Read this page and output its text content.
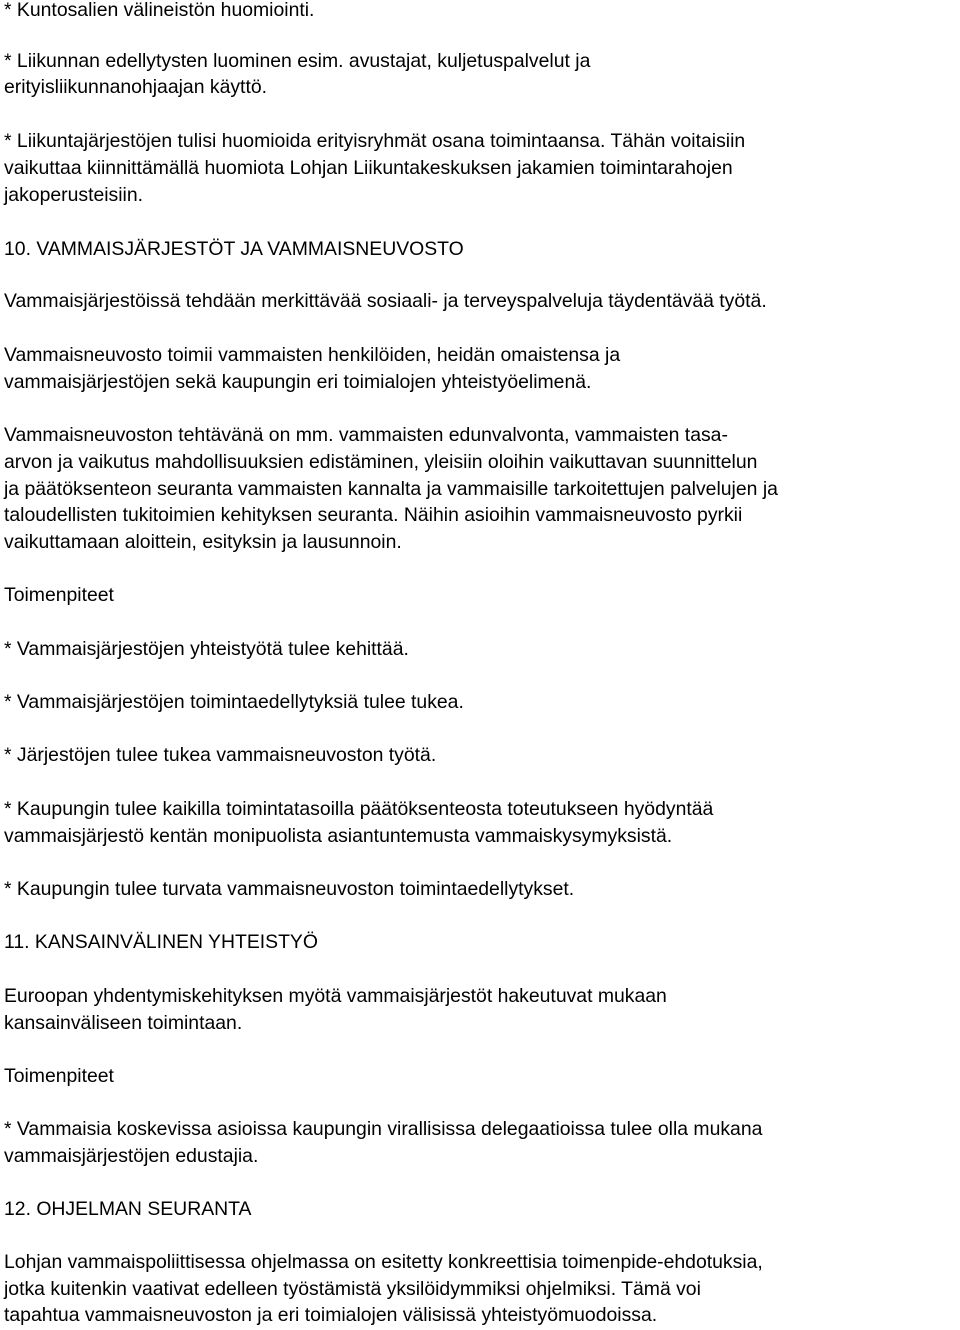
* Kuntosalien välineistön huomiointi.
* Liikunnan edellytysten luominen esim. avustajat, kuljetuspalvelut ja
erityisliikunnanohjaajan käyttö.
* Liikuntajärjestöjen tulisi huomioida erityisryhmät osana toimintaansa. Tähän voitaisiin
vaikuttaa kiinnittämällä huomiota Lohjan Liikuntakeskuksen jakamien toimintarahojen
jakoperusteisiin.
10. VAMMAISJÄRJESTÖT JA VAMMAISNEUVOSTO
Vammaisjärjestöissä tehdään merkittävää sosiaali- ja terveyspalveluja täydentävää työtä.
Vammaisneuvosto toimii vammaisten henkilöiden, heidän omaistensa ja
vammaisjärjestöjen sekä kaupungin eri toimialojen yhteistyöelimenä.
Vammaisneuvoston tehtävänä on mm. vammaisten edunvalvonta, vammaisten tasa-
arvon ja vaikutus mahdollisuuksien edistäminen, yleisiin oloihin vaikuttavan suunnittelun
ja päätöksenteon seuranta vammaisten kannalta ja vammaisille tarkoitettujen palvelujen ja
taloudellisten tukitoimien kehityksen seuranta. Näihin asioihin vammaisneuvosto pyrkii
vaikuttamaan aloittein, esityksin ja lausunnoin.
Toimenpiteet
* Vammaisjärjestöjen yhteistyötä tulee kehittää.
* Vammaisjärjestöjen toimintaedellytyksiä tulee tukea.
* Järjestöjen tulee tukea vammaisneuvoston työtä.
* Kaupungin tulee kaikilla toimintatasoilla päätöksenteosta toteutukseen hyödyntää
vammaisjärjestö kentän monipuolista asiantuntemusta vammaiskysymyksistä.
* Kaupungin tulee turvata vammaisneuvoston toimintaedellytykset.
11. KANSAINVÄLINEN YHTEISTYÖ
Euroopan yhdentymiskehityksen myötä vammaisjärjestöt hakeutuvat mukaan
kansainväliseen toimintaan.
Toimenpiteet
* Vammaisia koskevissa asioissa kaupungin virallisissa delegaatioissa tulee olla mukana
vammaisjärjestöjen edustajia.
12. OHJELMAN SEURANTA
Lohjan vammaispoliittisessa ohjelmassa on esitetty konkreettisia toimenpide-ehdotuksia,
jotka kuitenkin vaativat edelleen työstämistä yksilöidymmiksi ohjelmiksi. Tämä voi
tapahtua vammaisneuvoston ja eri toimialojen välisissä yhteistyömuodoissa.
